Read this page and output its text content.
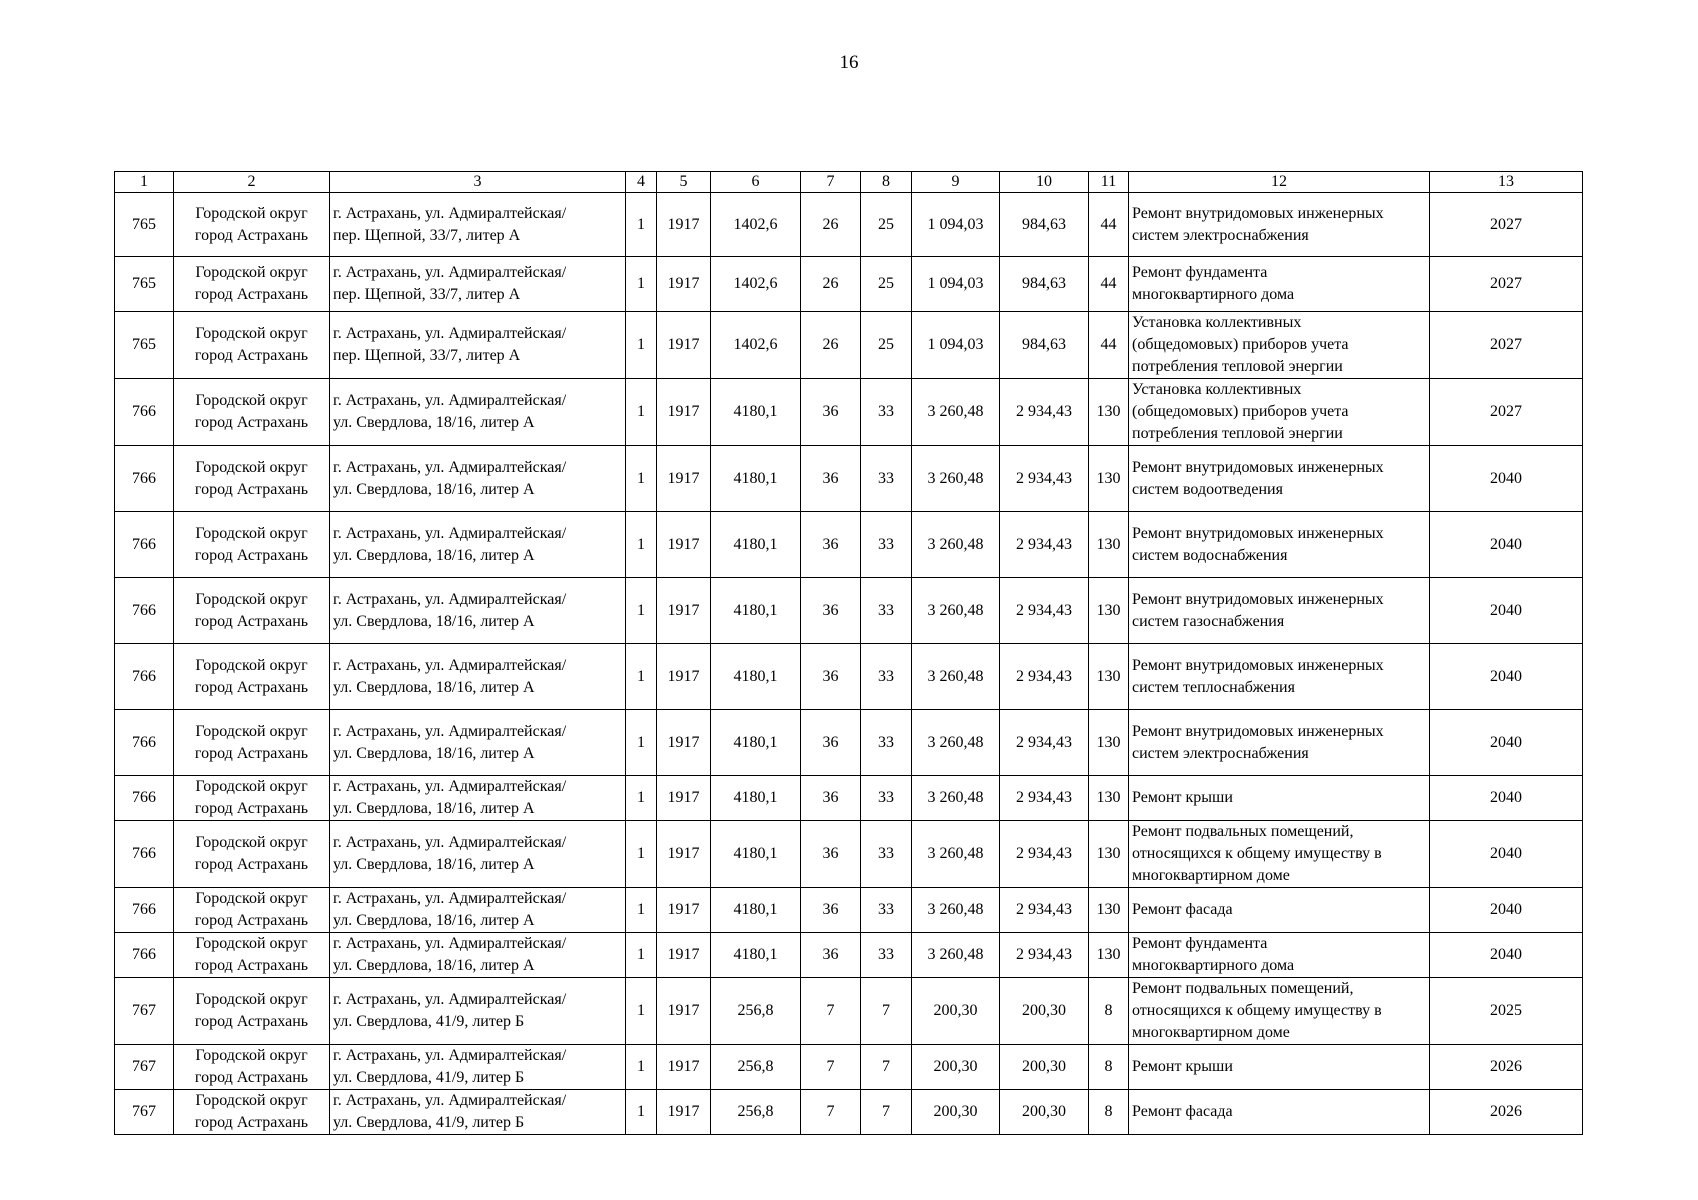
16
1	2	3	4	5	6	7	8	9	10	11	12	13
765	Городской округ
город Астрахань	г. Астрахань, ул. Адмиралтейская/
пер. Щепной, 33/7, литер А	1	1917	1402,6	26	25	1 094,03	984,63	44	Ремонт внутридомовых инженерных
систем электроснабжения	2027
765	Городской округ
город Астрахань	г. Астрахань, ул. Адмиралтейская/
пер. Щепной, 33/7, литер А	1	1917	1402,6	26	25	1 094,03	984,63	44	Ремонт фундамента
многоквартирного дома	2027
765	Городской округ
город Астрахань	г. Астрахань, ул. Адмиралтейская/
пер. Щепной, 33/7, литер А	1	1917	1402,6	26	25	1 094,03	984,63	44	Установка коллективных
(общедомовых) приборов учета
потребления тепловой энергии	2027
766	Городской округ
город Астрахань	г. Астрахань, ул. Адмиралтейская/
ул. Свердлова, 18/16, литер А	1	1917	4180,1	36	33	3 260,48	2 934,43	130	Установка коллективных
(общедомовых) приборов учета
потребления тепловой энергии	2027
766	Городской округ
город Астрахань	г. Астрахань, ул. Адмиралтейская/
ул. Свердлова, 18/16, литер А	1	1917	4180,1	36	33	3 260,48	2 934,43	130	Ремонт внутридомовых инженерных
систем водоотведения	2040
766	Городской округ
город Астрахань	г. Астрахань, ул. Адмиралтейская/
ул. Свердлова, 18/16, литер А	1	1917	4180,1	36	33	3 260,48	2 934,43	130	Ремонт внутридомовых инженерных
систем водоснабжения	2040
766	Городской округ
город Астрахань	г. Астрахань, ул. Адмиралтейская/
ул. Свердлова, 18/16, литер А	1	1917	4180,1	36	33	3 260,48	2 934,43	130	Ремонт внутридомовых инженерных
систем газоснабжения	2040
766	Городской округ
город Астрахань	г. Астрахань, ул. Адмиралтейская/
ул. Свердлова, 18/16, литер А	1	1917	4180,1	36	33	3 260,48	2 934,43	130	Ремонт внутридомовых инженерных
систем теплоснабжения	2040
766	Городской округ
город Астрахань	г. Астрахань, ул. Адмиралтейская/
ул. Свердлова, 18/16, литер А	1	1917	4180,1	36	33	3 260,48	2 934,43	130	Ремонт внутридомовых инженерных
систем электроснабжения	2040
766	Городской округ
город Астрахань	г. Астрахань, ул. Адмиралтейская/
ул. Свердлова, 18/16, литер А	1	1917	4180,1	36	33	3 260,48	2 934,43	130	Ремонт крыши	2040
766	Городской округ
город Астрахань	г. Астрахань, ул. Адмиралтейская/
ул. Свердлова, 18/16, литер А	1	1917	4180,1	36	33	3 260,48	2 934,43	130	Ремонт подвальных помещений,
относящихся к общему имуществу в
многоквартирном доме	2040
766	Городской округ
город Астрахань	г. Астрахань, ул. Адмиралтейская/
ул. Свердлова, 18/16, литер А	1	1917	4180,1	36	33	3 260,48	2 934,43	130	Ремонт фасада	2040
766	Городской округ
город Астрахань	г. Астрахань, ул. Адмиралтейская/
ул. Свердлова, 18/16, литер А	1	1917	4180,1	36	33	3 260,48	2 934,43	130	Ремонт фундамента
многоквартирного дома	2040
767	Городской округ
город Астрахань	г. Астрахань, ул. Адмиралтейская/
ул. Свердлова, 41/9, литер Б	1	1917	256,8	7	7	200,30	200,30	8	Ремонт подвальных помещений,
относящихся к общему имуществу в
многоквартирном доме	2025
767	Городской округ
город Астрахань	г. Астрахань, ул. Адмиралтейская/
ул. Свердлова, 41/9, литер Б	1	1917	256,8	7	7	200,30	200,30	8	Ремонт крыши	2026
767	Городской округ
город Астрахань	г. Астрахань, ул. Адмиралтейская/
ул. Свердлова, 41/9, литер Б	1	1917	256,8	7	7	200,30	200,30	8	Ремонт фасада	2026
